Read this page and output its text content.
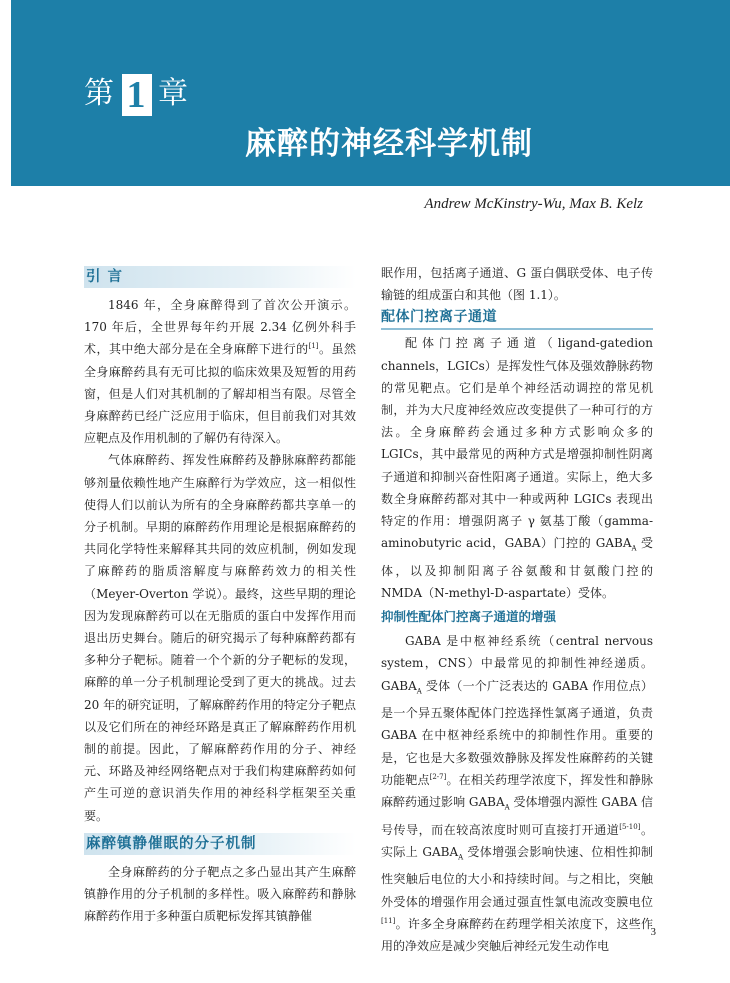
第 1 章
麻醉的神经科学机制
Andrew McKinstry-Wu, Max B. Kelz
引 言

1846 年，全身麻醉得到了首次公开演示。170 年后，全世界每年约开展 2.34 亿例外科手术，其中绝大部分是在全身麻醉下进行的[1]。虽然全身麻醉药具有无可比拟的临床效果及短暂的用药窗，但是人们对其机制的了解却相当有限。尽管全身麻醉药已经广泛应用于临床，但目前我们对其效应靶点及作用机制的了解仍有待深入。

气体麻醉药、挥发性麻醉药及静脉麻醉药都能够剂量依赖性地产生麻醉行为学效应，这一相似性使得人们以前认为所有的全身麻醉药都共享单一的分子机制。早期的麻醉药作用理论是根据麻醉药的共同化学特性来解释其共同的效应机制，例如发现了麻醉药的脂质溶解度与麻醉药效力的相关性（Meyer-Overton 学说）。最终，这些早期的理论因为发现麻醉药可以在无脂质的蛋白中发挥作用而退出历史舞台。随后的研究揭示了每种麻醉药都有多种分子靶标。随着一个个新的分子靶标的发现，麻醉的单一分子机制理论受到了更大的挑战。过去 20 年的研究证明，了解麻醉药作用的特定分子靶点以及它们所在的神经环路是真正了解麻醉药作用机制的前提。因此，了解麻醉药作用的分子、神经元、环路及神经网络靶点对于我们构建麻醉药如何产生可逆的意识消失作用的神经科学框架至关重要。

麻醉镇静催眠的分子机制

全身麻醉药的分子靶点之多凸显出其产生麻醉镇静作用的分子机制的多样性。吸入麻醉药和静脉麻醉药作用于多种蛋白质靶标发挥其镇静催

眠作用，包括离子通道、G 蛋白偶联受体、电子传输链的组成蛋白和其他（图 1.1）。

配体门控离子通道

配体门控离子通道（ligand-gatedion channels，LGICs）是挥发性气体及强效静脉药物的常见靶点。它们是单个神经活动调控的常见机制，并为大尺度神经效应改变提供了一种可行的方法。全身麻醉药会通过多种方式影响众多的 LGICs，其中最常见的两种方式是增强抑制性阴离子通道和抑制兴奋性阳离子通道。实际上，绝大多数全身麻醉药都对其中一种或两种 LGICs 表现出特定的作用：增强阴离子 γ 氨基丁酸（gamma-aminobutyric acid，GABA）门控的 $GABA_A$ 受体，以及抑制阳离子谷氨酸和甘氨酸门控的 NMDA（N-methyl-D-aspartate）受体。

抑制性配体门控离子通道的增强

GABA 是中枢神经系统（central nervous system，CNS）中最常见的抑制性神经递质。$GABA_A$ 受体（一个广泛表达的 GABA 作用位点）是一个异五聚体配体门控选择性氯离子通道，负责 GABA 在中枢神经系统中的抑制性作用。重要的是，它也是大多数强效静脉及挥发性麻醉药的关键功能靶点[2-7]。在相关药理学浓度下，挥发性和静脉麻醉药通过影响 $GABA_A$ 受体增强内源性 GABA 信号传导，而在较高浓度时则可直接打开通道[5-10]。实际上 $GABA_A$ 受体增强会影响快速、位相性抑制性突触后电位的大小和持续时间。与之相比，突触外受体的增强作用会通过强直性氯电流改变膜电位[11]。许多全身麻醉药在药理学相关浓度下，这些作用的净效应是减少突触后神经元发生动作电

3
